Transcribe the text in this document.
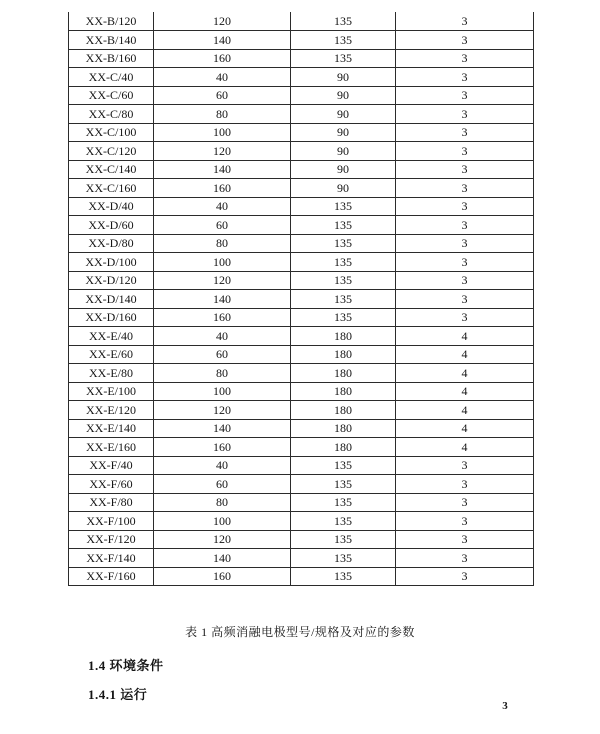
XX-B/120	120	135	3
XX-B/140	140	135	3
XX-B/160	160	135	3
XX-C/40	40	90	3
XX-C/60	60	90	3
XX-C/80	80	90	3
XX-C/100	100	90	3
XX-C/120	120	90	3
XX-C/140	140	90	3
XX-C/160	160	90	3
XX-D/40	40	135	3
XX-D/60	60	135	3
XX-D/80	80	135	3
XX-D/100	100	135	3
XX-D/120	120	135	3
XX-D/140	140	135	3
XX-D/160	160	135	3
XX-E/40	40	180	4
XX-E/60	60	180	4
XX-E/80	80	180	4
XX-E/100	100	180	4
XX-E/120	120	180	4
XX-E/140	140	180	4
XX-E/160	160	180	4
XX-F/40	40	135	3
XX-F/60	60	135	3
XX-F/80	80	135	3
XX-F/100	100	135	3
XX-F/120	120	135	3
XX-F/140	140	135	3
XX-F/160	160	135	3
表 1 高频消融电极型号/规格及对应的参数
1.4 环境条件
1.4.1 运行
3
